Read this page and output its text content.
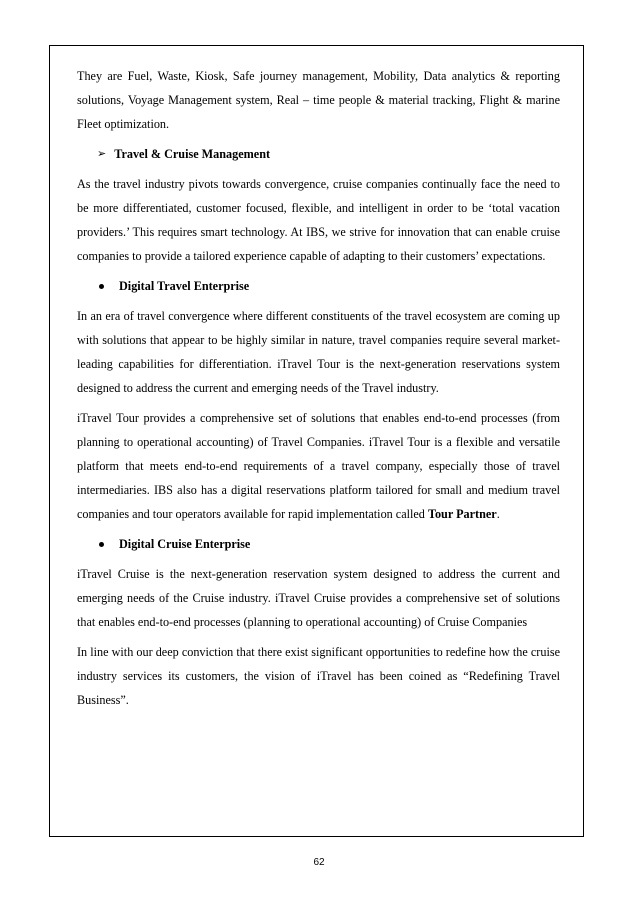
They are Fuel, Waste, Kiosk, Safe journey management, Mobility, Data analytics & reporting solutions, Voyage Management system, Real – time people & material tracking, Flight & marine Fleet optimization.

➢ Travel & Cruise Management

As the travel industry pivots towards convergence, cruise companies continually face the need to be more differentiated, customer focused, flexible, and intelligent in order to be ‘total vacation providers.’ This requires smart technology. At IBS, we strive for innovation that can enable cruise companies to provide a tailored experience capable of adapting to their customers’ expectations.

Digital Travel Enterprise

In an era of travel convergence where different constituents of the travel ecosystem are coming up with solutions that appear to be highly similar in nature, travel companies require several market-leading capabilities for differentiation. iTravel Tour is the next-generation reservations system designed to address the current and emerging needs of the Travel industry.

iTravel Tour provides a comprehensive set of solutions that enables end-to-end processes (from planning to operational accounting) of Travel Companies. iTravel Tour is a flexible and versatile platform that meets end-to-end requirements of a travel company, especially those of travel intermediaries. IBS also has a digital reservations platform tailored for small and medium travel companies and tour operators available for rapid implementation called Tour Partner.

Digital Cruise Enterprise

iTravel Cruise is the next-generation reservation system designed to address the current and emerging needs of the Cruise industry. iTravel Cruise provides a comprehensive set of solutions that enables end-to-end processes (planning to operational accounting) of Cruise Companies

In line with our deep conviction that there exist significant opportunities to redefine how the cruise industry services its customers, the vision of iTravel has been coined as “Redefining Travel Business”.

62
